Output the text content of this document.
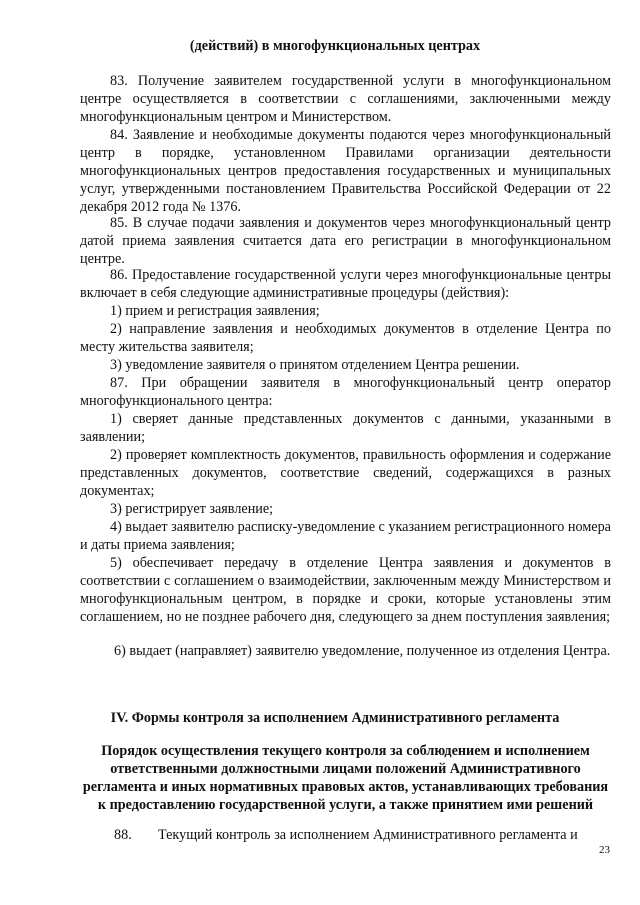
(действий) в многофункциональных центрах

83. Получение заявителем государственной услуги в многофункциональном центре осуществляется в соответствии с соглашениями, заключенными между многофункциональным центром и Министерством.

84. Заявление и необходимые документы подаются через многофункциональный центр в порядке, установленном Правилами организации деятельности многофункциональных центров предоставления государственных и муниципальных услуг, утвержденными постановлением Правительства Российской Федерации от 22 декабря 2012 года № 1376.

85. В случае подачи заявления и документов через многофункциональный центр датой приема заявления считается дата его регистрации в многофункциональном центре.

86. Предоставление государственной услуги через многофункциональные центры включает в себя следующие административные процедуры (действия):

1) прием и регистрация заявления;

2) направление заявления и необходимых документов в отделение Центра по месту жительства заявителя;

3) уведомление заявителя о принятом отделением Центра решении.

87. При обращении заявителя в многофункциональный центр оператор многофункционального центра:

1) сверяет данные представленных документов с данными, указанными в заявлении;

2) проверяет комплектность документов, правильность оформления и содержание представленных документов, соответствие сведений, содержащихся в разных документах;

3) регистрирует заявление;

4) выдает заявителю расписку-уведомление с указанием регистрационного номера и даты приема заявления;

5) обеспечивает передачу в отделение Центра заявления и документов в соответствии с соглашением о взаимодействии, заключенным между Министерством и многофункциональным центром, в порядке и сроки, которые установлены этим соглашением, но не позднее рабочего дня, следующего за днем поступления заявления;

6) выдает (направляет) заявителю уведомление, полученное из отделения Центра.

IV. Формы контроля за исполнением Административного регламента
Порядок осуществления текущего контроля за соблюдением и исполнением ответственными должностными лицами положений Административного регламента и иных нормативных правовых актов, устанавливающих требования к предоставлению государственной услуги, а также принятием ими решений
88. Текущий контроль за исполнением Административного регламента и
23
